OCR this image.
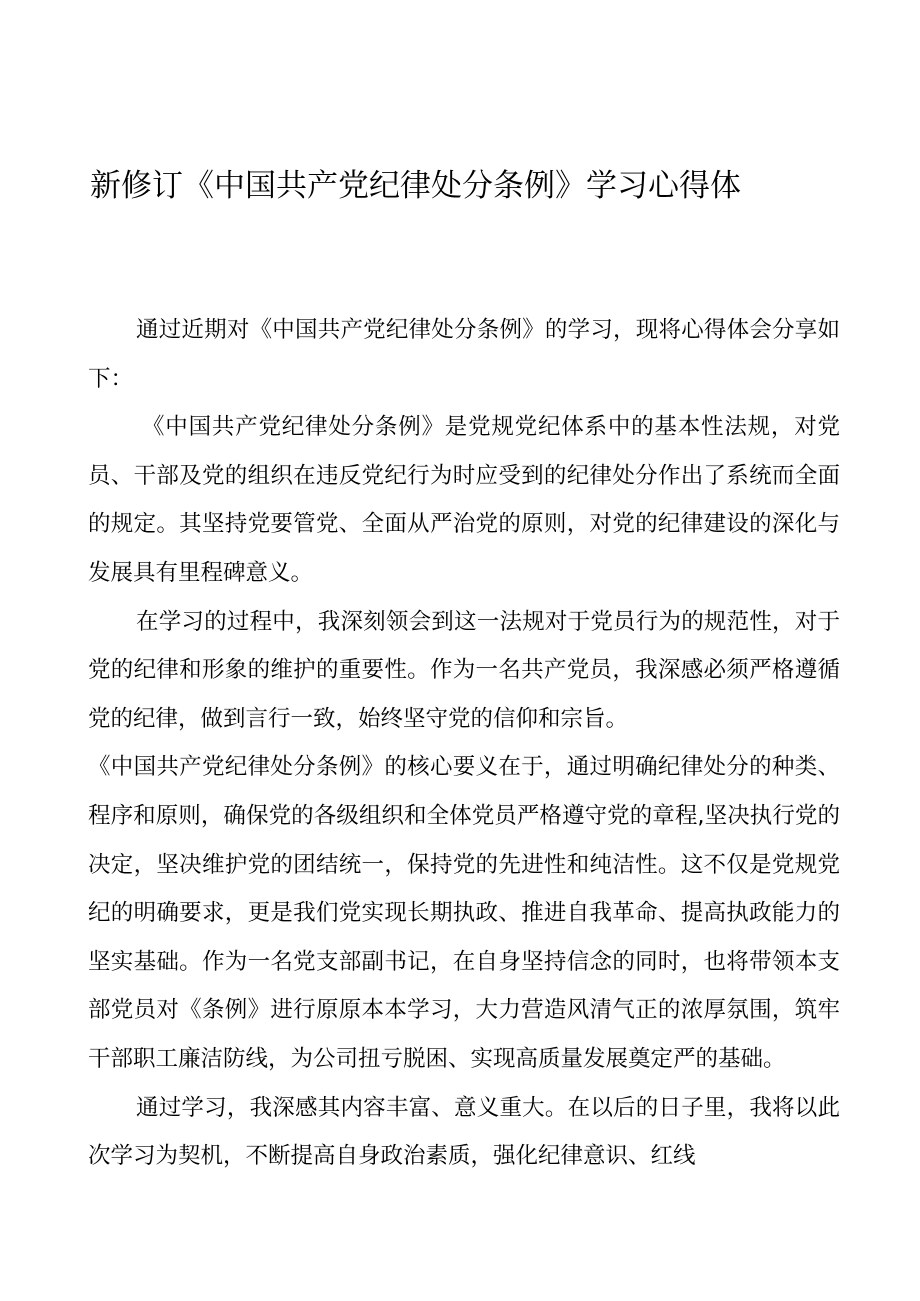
新修订《中国共产党纪律处分条例》学习心得体

通过近期对《中国共产党纪律处分条例》的学习，现将心得体会分享如下：

《中国共产党纪律处分条例》是党规党纪体系中的基本性法规，对党员、干部及党的组织在违反党纪行为时应受到的纪律处分作出了系统而全面的规定。其坚持党要管党、全面从严治党的原则，对党的纪律建设的深化与发展具有里程碑意义。

在学习的过程中，我深刻领会到这一法规对于党员行为的规范性，对于党的纪律和形象的维护的重要性。作为一名共产党员，我深感必须严格遵循党的纪律，做到言行一致，始终坚守党的信仰和宗旨。

《中国共产党纪律处分条例》的核心要义在于，通过明确纪律处分的种类、程序和原则，确保党的各级组织和全体党员严格遵守党的章程,坚决执行党的决定，坚决维护党的团结统一，保持党的先进性和纯洁性。这不仅是党规党纪的明确要求，更是我们党实现长期执政、推进自我革命、提高执政能力的坚实基础。作为一名党支部副书记，在自身坚持信念的同时，也将带领本支部党员对《条例》进行原原本本学习，大力营造风清气正的浓厚氛围，筑牢干部职工廉洁防线，为公司扭亏脱困、实现高质量发展奠定严的基础。

通过学习，我深感其内容丰富、意义重大。在以后的日子里，我将以此次学习为契机，不断提高自身政治素质，强化纪律意识、红线
